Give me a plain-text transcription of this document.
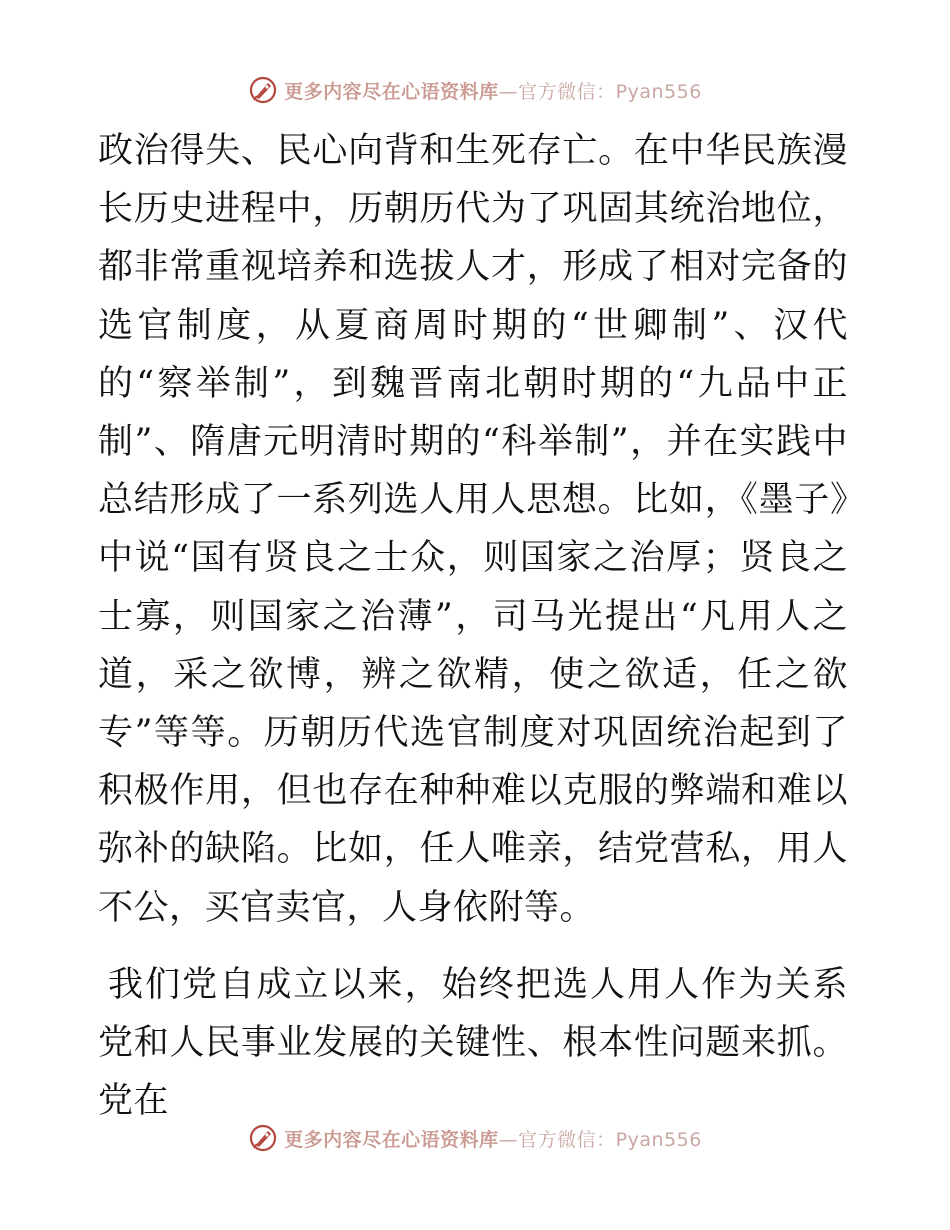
更多内容尽在心语资料库—官方微信：Pyan556

政治得失、民心向背和生死存亡。在中华民族漫长历史进程中，历朝历代为了巩固其统治地位，都非常重视培养和选拔人才，形成了相对完备的选官制度，从夏商周时期的“世卿制”、汉代的“察举制”，到魏晋南北朝时期的“九品中正制”、隋唐元明清时期的“科举制”，并在实践中总结形成了一系列选人用人思想。比如，《墨子》中说“国有贤良之士众，则国家之治厚；贤良之士寡，则国家之治薄”，司马光提出“凡用人之道，采之欲博，辨之欲精，使之欲适，任之欲专”等等。历朝历代选官制度对巩固统治起到了积极作用，但也存在种种难以克服的弊端和难以弥补的缺陷。比如，任人唯亲，结党营私，用人不公，买官卖官，人身依附等。

我们党自成立以来，始终把选人用人作为关系党和人民事业发展的关键性、根本性问题来抓。党在

更多内容尽在心语资料库—官方微信：Pyan556
